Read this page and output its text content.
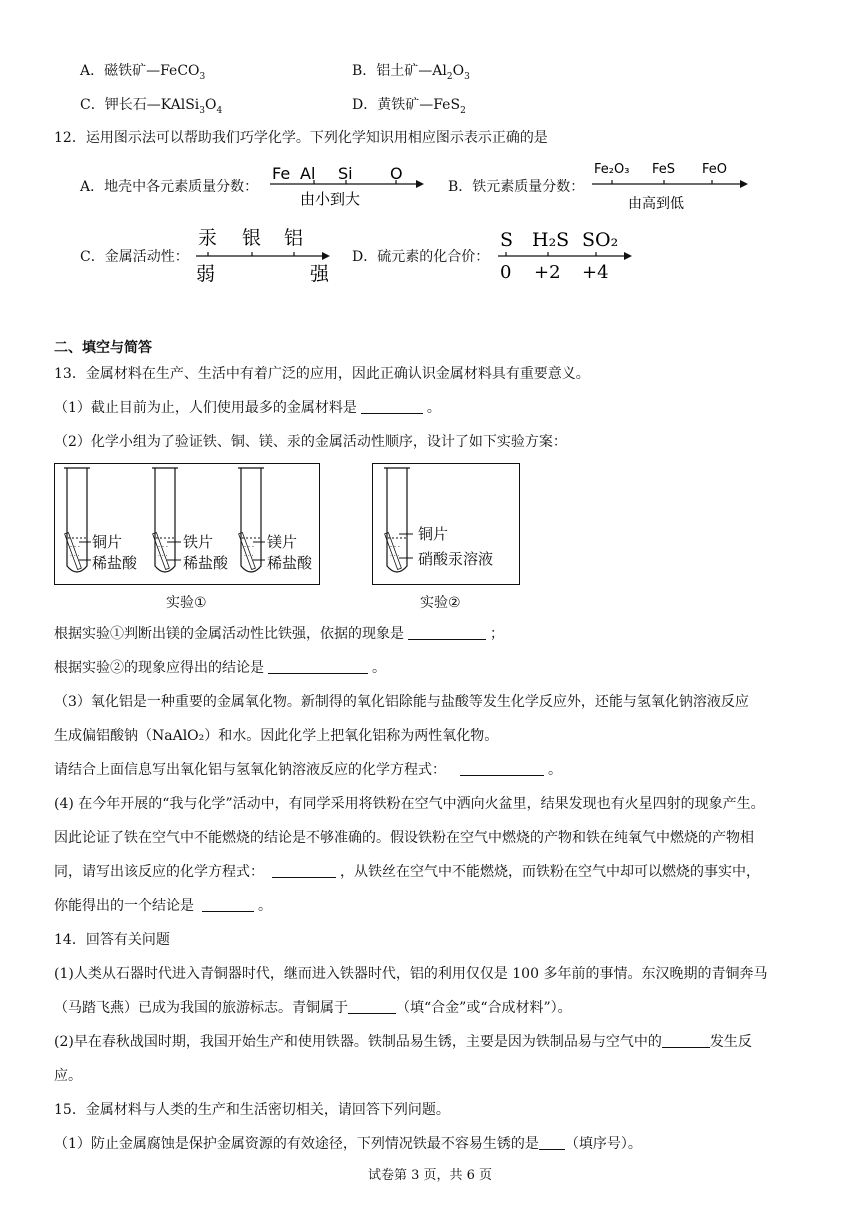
A．磁铁矿—FeCO$_3$	B．铝土矿$—Al_2O_3$
C．钾长石$—KAlSi_3O_4$	D．黄铁矿—FeS$_2$
12．运用图示法可以帮助我们巧学化学。下列化学知识用相应图示表示正确的是
A．地壳中各元素质量分数：
Fe Al Si O
由小到大
B．铁元素质量分数：
Fe₂O₃ FeS FeO
由高到低
C．金属活动性：
汞 银 铝
弱	强
D．硫元素的化合价：
S H₂S SO₂
0 +2 +4
二、填空与简答
13．金属材料在生产、生活中有着广泛的应用，因此正确认识金属材料具有重要意义。
（1）截止目前为止，人们使用最多的金属材料是	。
（2）化学小组为了验证铁、铜、镁、汞的金属活动性顺序，设计了如下实验方案：
- - -
· · ·
- - -
· · ·
- - -
· · ·
铜片
稀盐酸
铁片
稀盐酸
镁片
稀盐酸
实验①
- - -
· · ·
铜片
硝酸汞溶液
实验②
根据实验①判断出镁的金属活动性比铁强，依据的现象是	；
根据实验②的现象应得出的结论是	。
（3）氧化铝是一种重要的金属氧化物。新制得的氧化铝除能与盐酸等发生化学反应外，还能与氢氧化钠溶液反应
生成偏铝酸钠（NaAlO₂）和水。因此化学上把氧化铝称为两性氧化物。
请结合上面信息写出氧化铝与氢氧化钠溶液反应的化学方程式：	。
(4) 在今年开展的“我与化学”活动中，有同学采用将铁粉在空气中洒向火盆里，结果发现也有火星四射的现象产生。
因此论证了铁在空气中不能燃烧的结论是不够准确的。假设铁粉在空气中燃烧的产物和铁在纯氧气中燃烧的产物相
同，请写出该反应的化学方程式：	，从铁丝在空气中不能燃烧，而铁粉在空气中却可以燃烧的事实中，
你能得出的一个结论是	。
14．回答有关问题
(1)人类从石器时代进入青铜器时代，继而进入铁器时代，铝的利用仅仅是 100 多年前的事情。东汉晚期的青铜奔马
（马踏飞燕）已成为我国的旅游标志。青铜属于	（填“合金”或“合成材料”）。
(2)早在春秋战国时期，我国开始生产和使用铁器。铁制品易生锈，主要是因为铁制品易与空气中的	发生反
应。
15．金属材料与人类的生产和生活密切相关，请回答下列问题。
（1）防止金属腐蚀是保护金属资源的有效途径，下列情况铁最不容易生锈的是 （填序号）。
试卷第 3 页，共 6 页
